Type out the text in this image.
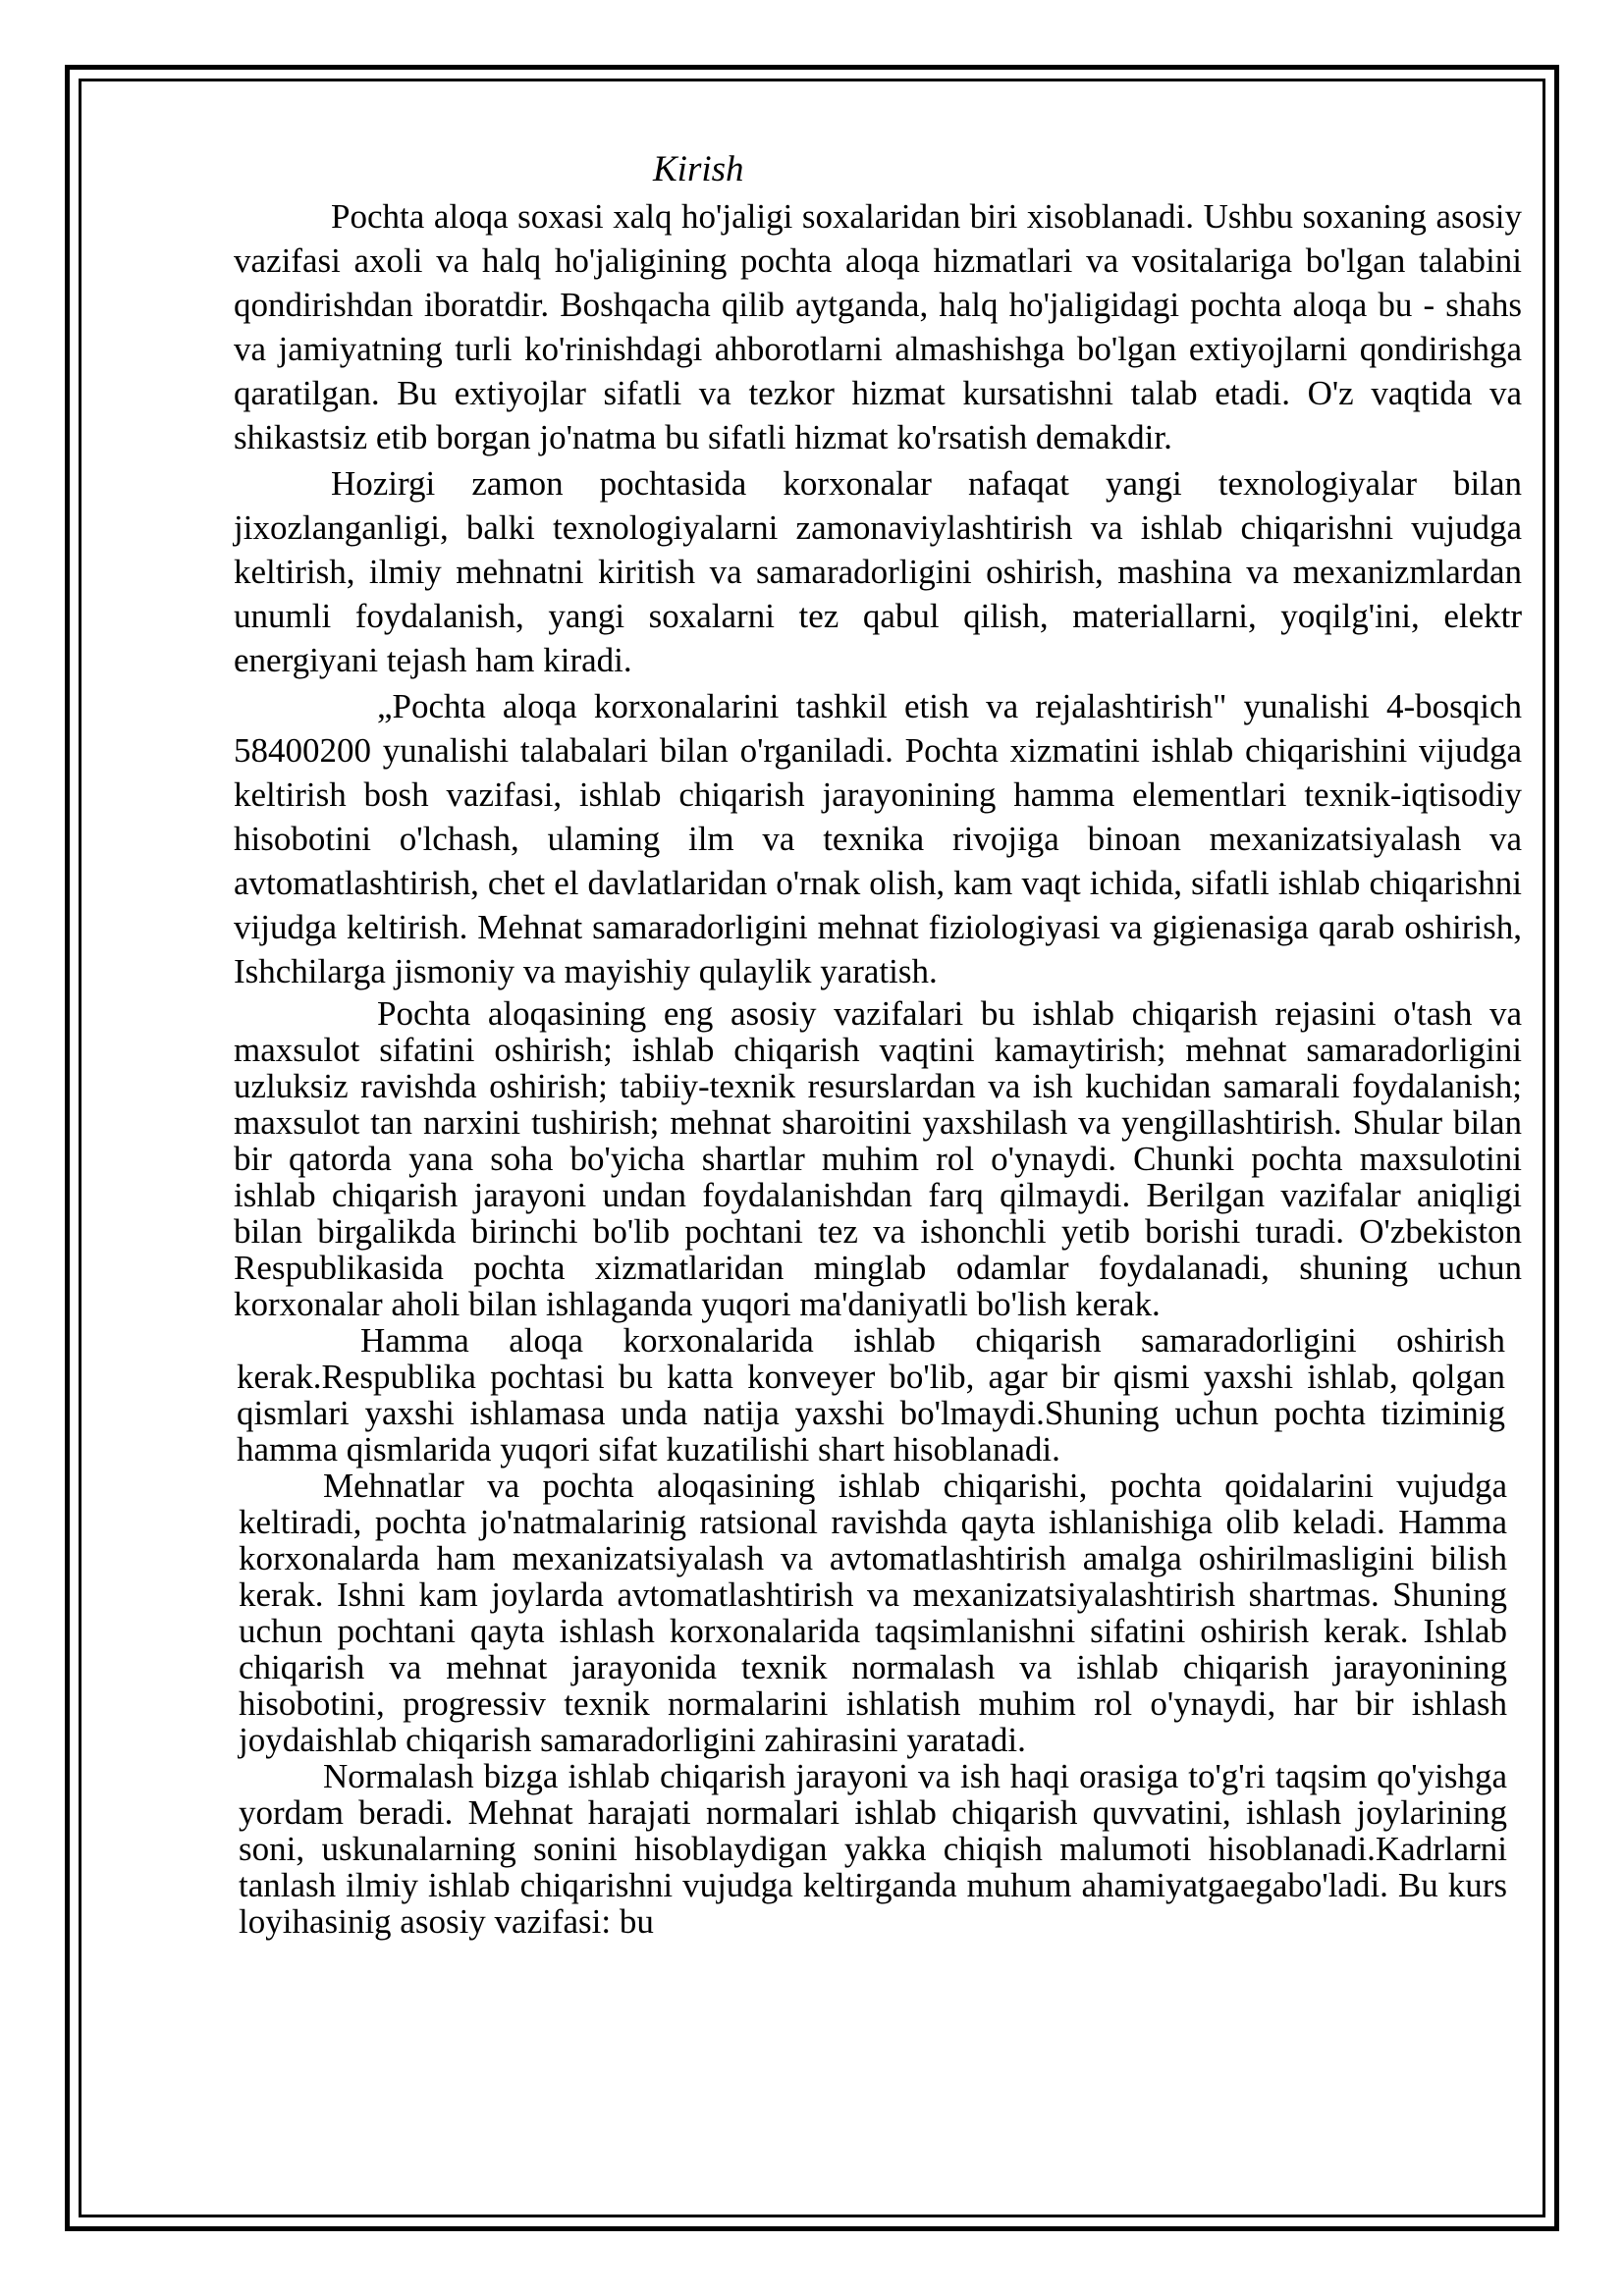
Kirish

Pochta aloqa soxasi xalq ho'jaligi soxalaridan biri xisoblanadi. Ushbu soxaning asosiy vazifasi axoli va halq ho'jaligining pochta aloqa hizmatlari va vositalariga bo'lgan talabini qondirishdan iboratdir. Boshqacha qilib aytganda, halq ho'jaligidagi pochta aloqa bu - shahs va jamiyatning turli ko'rinishdagi ahborotlarni almashishga bo'lgan extiyojlarni qondirishga qaratilgan. Bu extiyojlar sifatli va tezkor hizmat kursatishni talab etadi. O'z vaqtida va shikastsiz etib borgan jo'natma bu sifatli hizmat ko'rsatish demakdir.

Hozirgi zamon pochtasida korxonalar nafaqat yangi texnologiyalar bilan jixozlanganligi, balki texnologiyalarni zamonaviylashtirish va ishlab chiqarishni vujudga keltirish, ilmiy mehnatni kiritish va samaradorligini oshirish, mashina va mexanizmlardan unumli foydalanish, yangi soxalarni tez qabul qilish, materiallarni, yoqilg'ini, elektr energiyani tejash ham kiradi.

„Pochta aloqa korxonalarini tashkil etish va rejalashtirish" yunalishi 4-bosqich 58400200 yunalishi talabalari bilan o'rganiladi. Pochta xizmatini ishlab chiqarishini vijudga keltirish bosh vazifasi, ishlab chiqarish jarayonining hamma elementlari texnik-iqtisodiy hisobotini o'lchash, ulaming ilm va texnika rivojiga binoan mexanizatsiyalash va avtomatlashtirish, chet el davlatlaridan o'rnak olish, kam vaqt ichida, sifatli ishlab chiqarishni vijudga keltirish. Mehnat samaradorligini mehnat fiziologiyasi va gigienasiga qarab oshirish, Ishchilarga jismoniy va mayishiy qulaylik yaratish.

Pochta aloqasining eng asosiy vazifalari bu ishlab chiqarish rejasini o'tash va maxsulot sifatini oshirish; ishlab chiqarish vaqtini kamaytirish; mehnat samaradorligini uzluksiz ravishda oshirish; tabiiy-texnik resurslardan va ish kuchidan samarali foydalanish; maxsulot tan narxini tushirish; mehnat sharoitini yaxshilash va yengillashtirish. Shular bilan bir qatorda yana soha bo'yicha shartlar muhim rol o'ynaydi. Chunki pochta maxsulotini ishlab chiqarish jarayoni undan foydalanishdan farq qilmaydi. Berilgan vazifalar aniqligi bilan birgalikda birinchi bo'lib pochtani tez va ishonchli yetib borishi turadi. O'zbekiston Respublikasida pochta xizmatlaridan minglab odamlar foydalanadi, shuning uchun korxonalar aholi bilan ishlaganda yuqori ma'daniyatli bo'lish kerak.

Hamma aloqa korxonalarida ishlab chiqarish samaradorligini oshirish kerak.Respublika pochtasi bu katta konveyer bo'lib, agar bir qismi yaxshi ishlab, qolgan qismlari yaxshi ishlamasa unda natija yaxshi bo'lmaydi.Shuning uchun pochta tiziminig hamma qismlarida yuqori sifat kuzatilishi shart hisoblanadi.

Mehnatlar va pochta aloqasining ishlab chiqarishi, pochta qoidalarini vujudga keltiradi, pochta jo'natmalarinig ratsional ravishda qayta ishlanishiga olib keladi. Hamma korxonalarda ham mexanizatsiyalash va avtomatlashtirish amalga oshirilmasligini bilish kerak. Ishni kam joylarda avtomatlashtirish va mexanizatsiyalashtirish shartmas. Shuning uchun pochtani qayta ishlash korxonalarida taqsimlanishni sifatini oshirish kerak. Ishlab chiqarish va mehnat jarayonida texnik normalash va ishlab chiqarish jarayonining hisobotini, progressiv texnik normalarini ishlatish muhim rol o'ynaydi, har bir ishlash joydaishlab chiqarish samaradorligini zahirasini yaratadi.

Normalash bizga ishlab chiqarish jarayoni va ish haqi orasiga to'g'ri taqsim qo'yishga yordam beradi. Mehnat harajati normalari ishlab chiqarish quvvatini, ishlash joylarining soni, uskunalarning sonini hisoblaydigan yakka chiqish malumoti hisoblanadi.Kadrlarni tanlash ilmiy ishlab chiqarishni vujudga keltirganda muhum ahamiyatgaegabo'ladi. Bu kurs loyihasinig asosiy vazifasi: bu
